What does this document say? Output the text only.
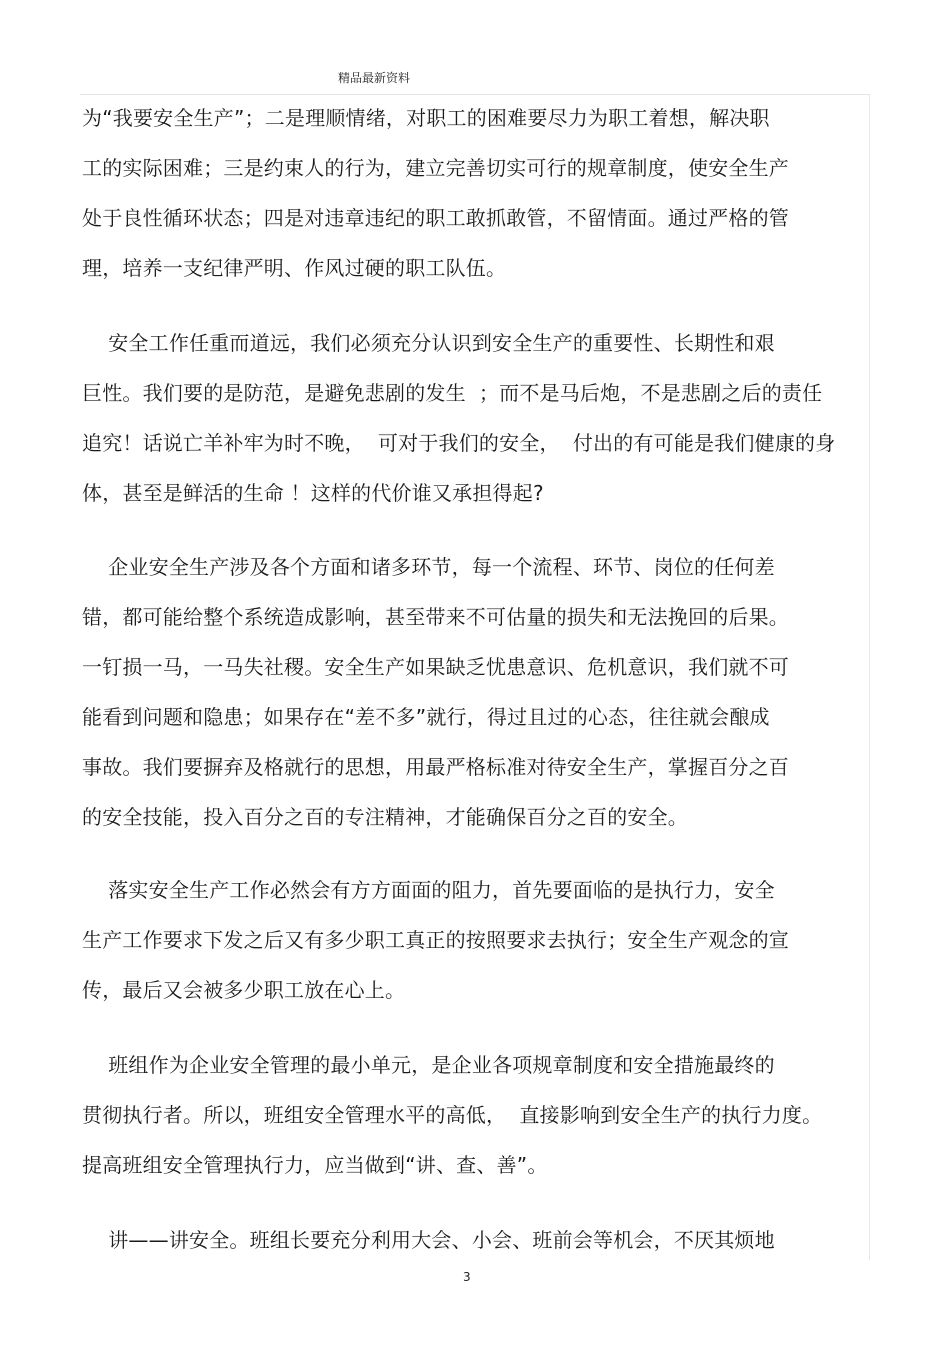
精品最新资料
为“我要安全生产”；二是理顺情绪，对职工的困难要尽力为职工着想，解决职
工的实际困难；三是约束人的行为，建立完善切实可行的规章制度，使安全生产
处于良性循环状态；四是对违章违纪的职工敢抓敢管，不留情面。通过严格的管
理，培养一支纪律严明、作风过硬的职工队伍。
安全工作任重而道远，我们必须充分认识到安全生产的重要性、长期性和艰
巨性。我们要的是防范，是避免悲剧的发生  ；而不是马后炮，不是悲剧之后的责任
追究！话说亡羊补牢为时不晚，  可对于我们的安全，  付出的有可能是我们健康的身
体，甚至是鲜活的生命 ！这样的代价谁又承担得起?
企业安全生产涉及各个方面和诸多环节，每一个流程、环节、岗位的任何差
错，都可能给整个系统造成影响，甚至带来不可估量的损失和无法挽回的后果。
一钉损一马，一马失社稷。安全生产如果缺乏忧患意识、危机意识，我们就不可
能看到问题和隐患；如果存在“差不多”就行，得过且过的心态，往往就会酿成
事故。我们要摒弃及格就行的思想，用最严格标准对待安全生产，掌握百分之百
的安全技能，投入百分之百的专注精神，才能确保百分之百的安全。
落实安全生产工作必然会有方方面面的阻力，首先要面临的是执行力，安全
生产工作要求下发之后又有多少职工真正的按照要求去执行；安全生产观念的宣
传，最后又会被多少职工放在心上。
班组作为企业安全管理的最小单元，是企业各项规章制度和安全措施最终的
贯彻执行者。所以，班组安全管理水平的高低，  直接影响到安全生产的执行力度。
提高班组安全管理执行力，应当做到“讲、查、善”。
讲——讲安全。班组长要充分利用大会、小会、班前会等机会，不厌其烦地
3
